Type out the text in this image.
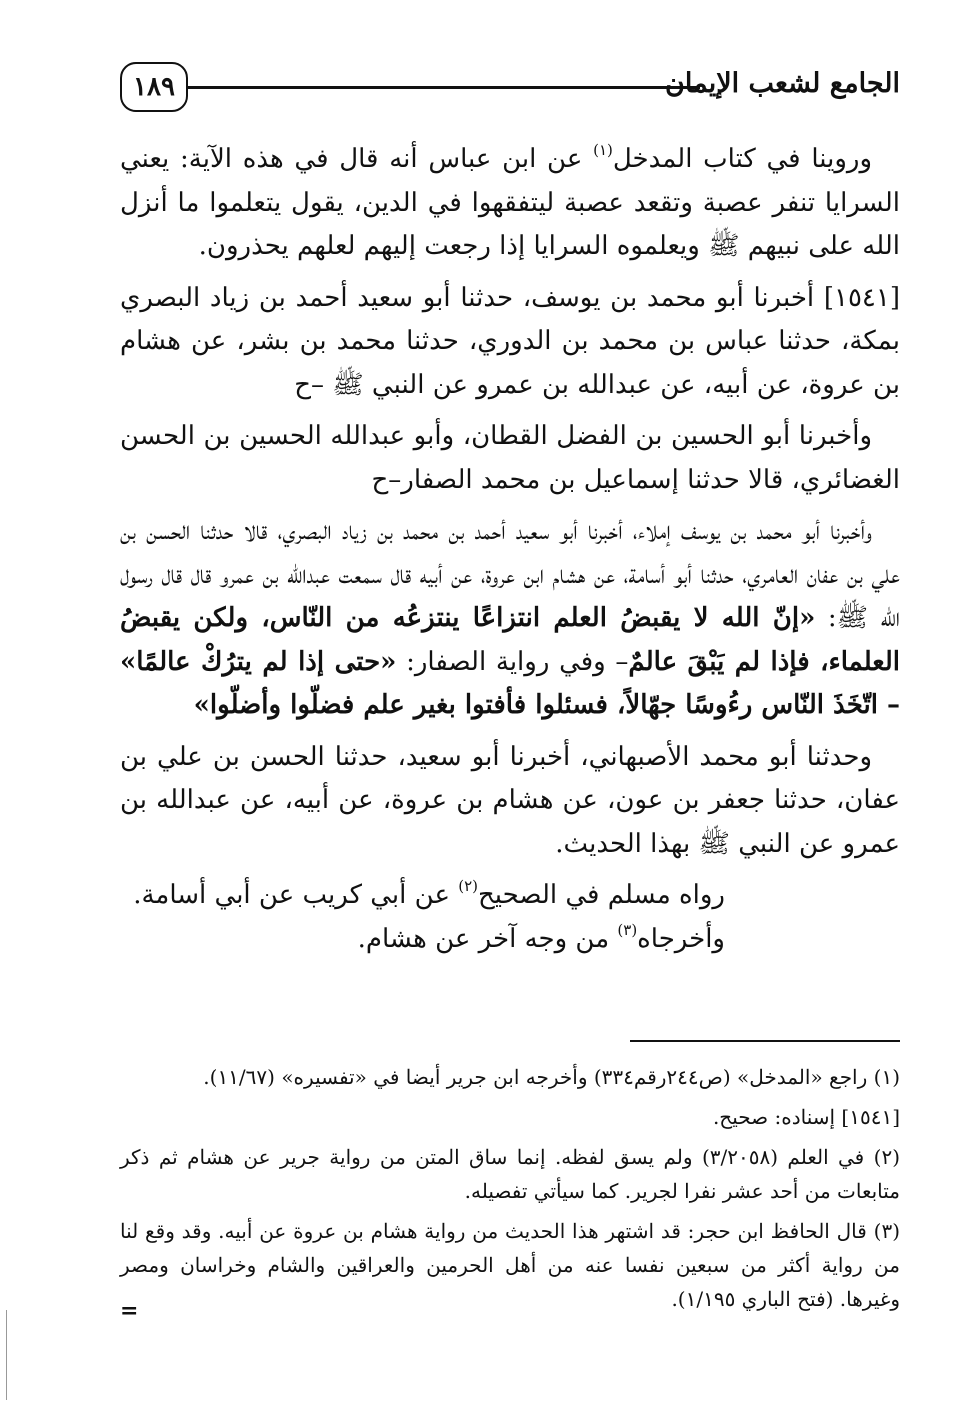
الجامع لشعب الإيمان
١٨٩

وروينا في كتاب المدخل$^{(١)}$ عن ابن عباس أنه قال في هذه الآية: يعني السرايا تنفر عصبة وتقعد عصبة ليتفقهوا في الدين، يقول يتعلموا ما أنزل الله على نبيهم ﷺ ويعلموه السرايا إذا رجعت إليهم لعلهم يحذرون.

[١٥٤١] أخبرنا أبو محمد بن يوسف، حدثنا أبو سعيد أحمد بن زياد البصري بمكة، حدثنا عباس بن محمد بن الدوري، حدثنا محمد بن بشر، عن هشام بن عروة، عن أبيه، عن عبدالله بن عمرو عن النبي ﷺ –ح

وأخبرنا أبو الحسين بن الفضل القطان، وأبو عبدالله الحسين بن الحسن الغضائري، قالا حدثنا إسماعيل بن محمد الصفار–ح

وأخبرنا أبو محمد بن يوسف إملاء، أخبرنا أبو سعيد أحمد بن محمد بن زياد البصري، قالا حدثنا الحسن بن علي بن عفان العامري، حدثنا أبو أسامة، عن هشام ابن عروة، عن أبيه قال سمعت عبدالله بن عمرو قال قال رسول الله ﷺ: «إنّ الله لا يقبضُ العلم انتزاعًا ينتزعُه من النّاس، ولكن يقبضُ العلماء، فإذا لم يَبْقَ عالمٌ– وفي رواية الصفار: «حتى إذا لم يترُكْ عالمًا» – اتّخَذَ النّاس رءُوسًا جهّالاً، فسئلوا فأفتوا بغير علم فضلّوا وأضلّوا»

وحدثنا أبو محمد الأصبهاني، أخبرنا أبو سعيد، حدثنا الحسن بن علي بن عفان، حدثنا جعفر بن عون، عن هشام بن عروة، عن أبيه، عن عبدالله بن عمرو عن النبي ﷺ بهذا الحديث.

رواه مسلم في الصحيح$^{(٢)}$ عن أبي كريب عن أبي أسامة.

وأخرجاه$^{(٣)}$ من وجه آخر عن هشام.

(١) راجع «المدخل» (ص٢٤٤رقم٣٣٤) وأخرجه ابن جرير أيضا في «تفسيره» (١١/٦٧).

[١٥٤١] إسناده: صحيح.

(٢) في العلم (٣/٢٠٥٨) ولم يسق لفظه. إنما ساق المتن من رواية جرير عن هشام ثم ذكر متابعات من أحد عشر نفرا لجرير. كما سيأتي تفصيله.

(٣) قال الحافظ ابن حجر: قد اشتهر هذا الحديث من رواية هشام بن عروة عن أبيه. وقد وقع لنا من رواية أكثر من سبعين نفسا عنه من أهل الحرمين والعراقين والشام وخراسان ومصر وغيرها. (فتح الباري ١/١٩٥).

=
